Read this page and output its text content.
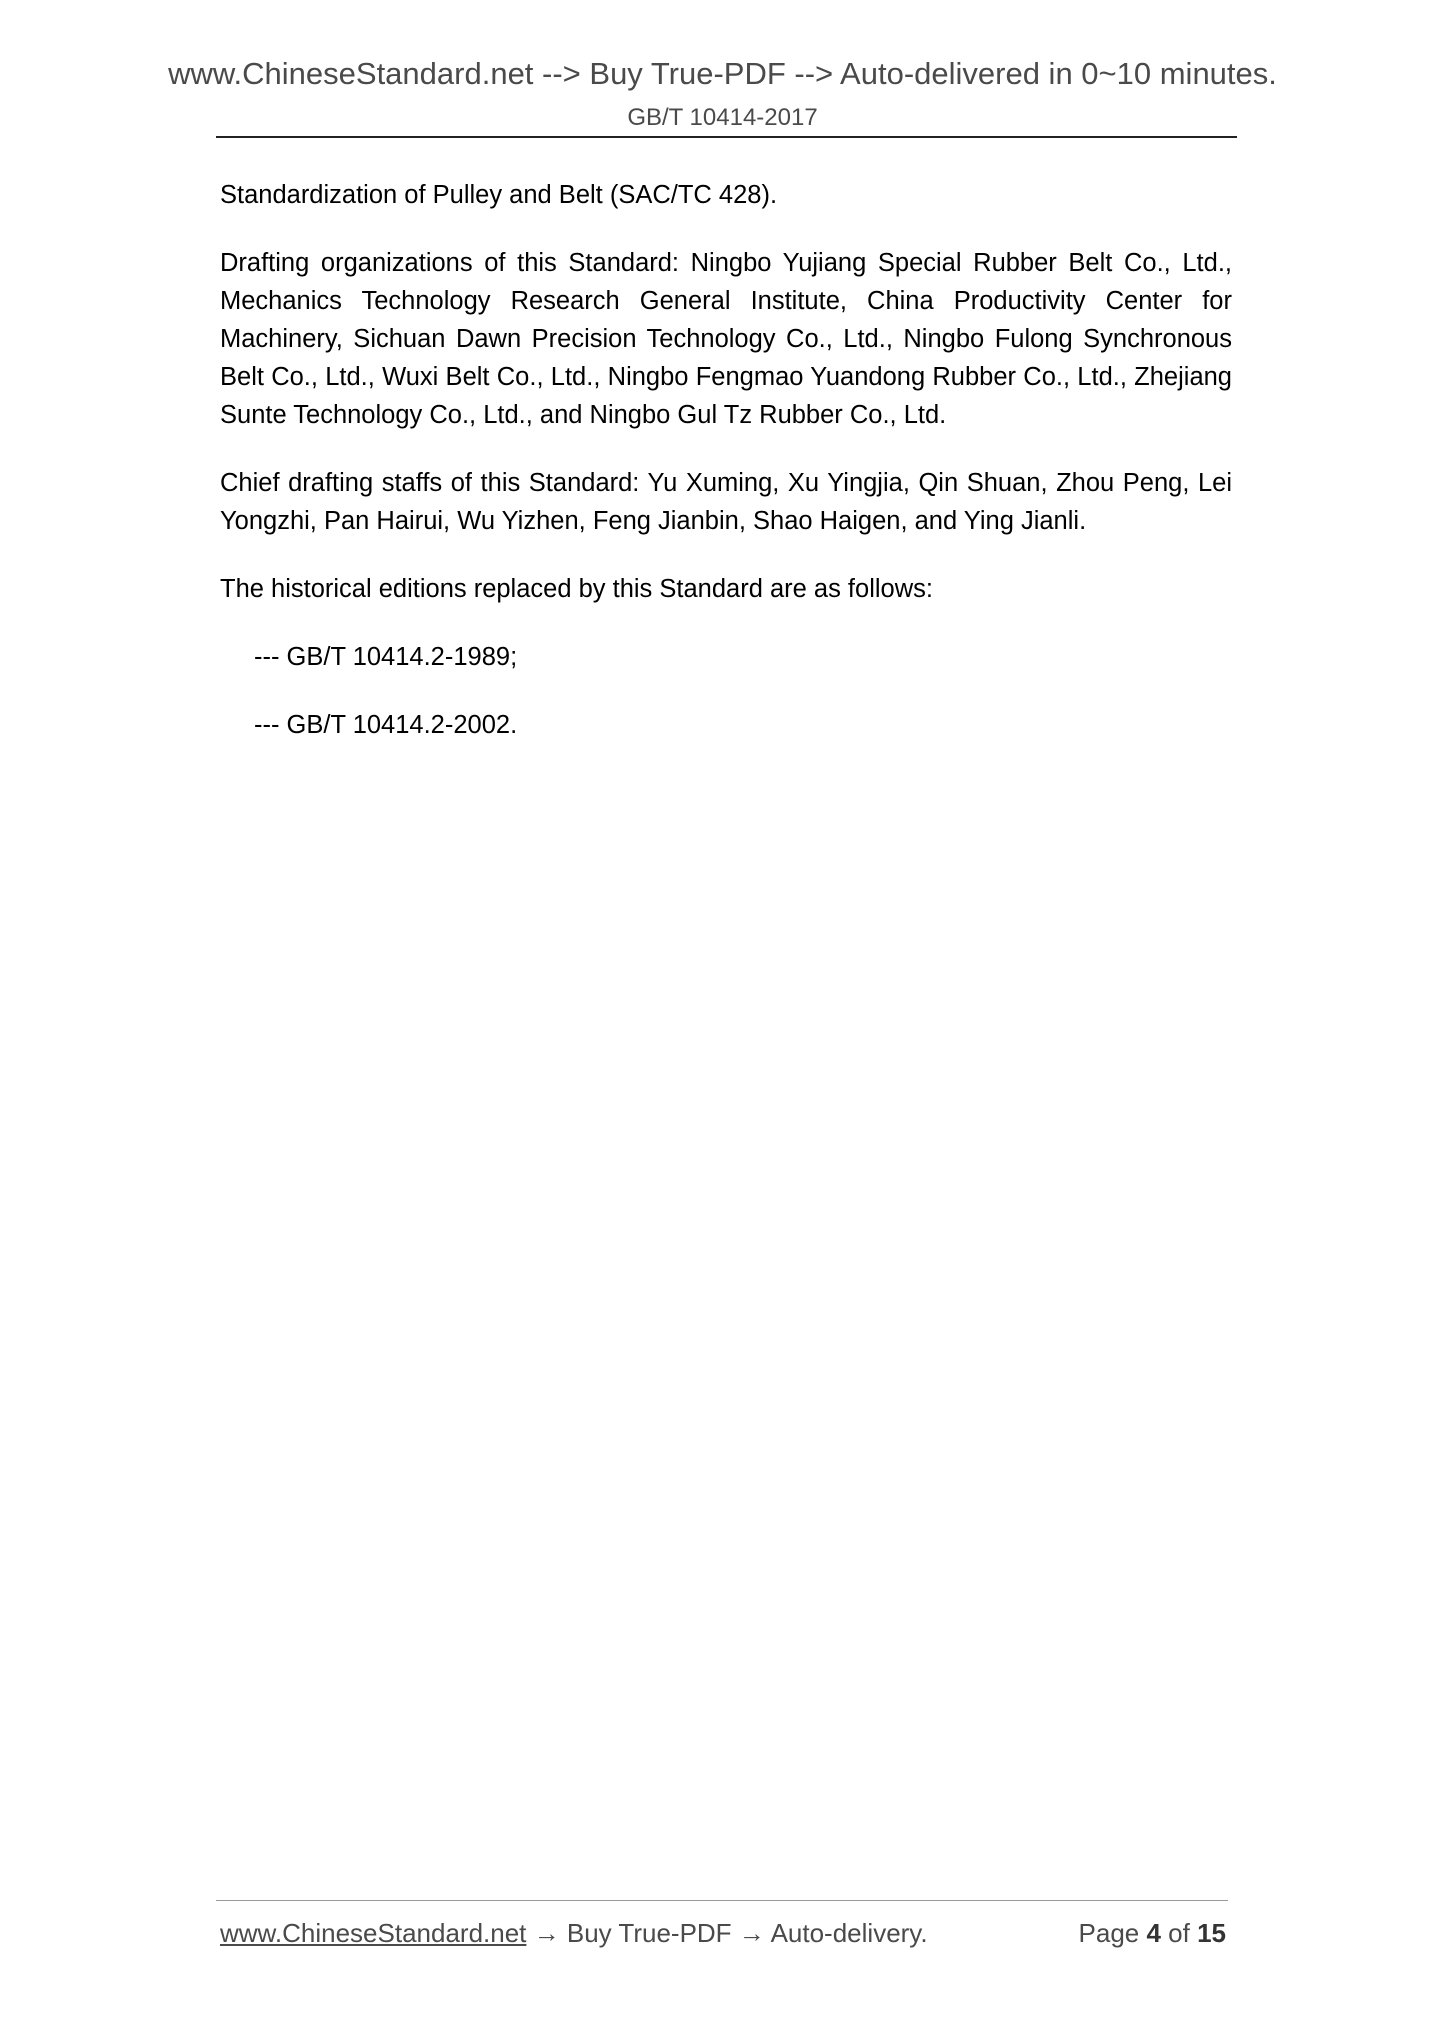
www.ChineseStandard.net --> Buy True-PDF --> Auto-delivered in 0~10 minutes.
GB/T 10414-2017

Standardization of Pulley and Belt (SAC/TC 428).

Drafting organizations of this Standard: Ningbo Yujiang Special Rubber Belt Co., Ltd., Mechanics Technology Research General Institute, China Productivity Center for Machinery, Sichuan Dawn Precision Technology Co., Ltd., Ningbo Fulong Synchronous Belt Co., Ltd., Wuxi Belt Co., Ltd., Ningbo Fengmao Yuandong Rubber Co., Ltd., Zhejiang Sunte Technology Co., Ltd., and Ningbo Gul Tz Rubber Co., Ltd.

Chief drafting staffs of this Standard: Yu Xuming, Xu Yingjia, Qin Shuan, Zhou Peng, Lei Yongzhi, Pan Hairui, Wu Yizhen, Feng Jianbin, Shao Haigen, and Ying Jianli.

The historical editions replaced by this Standard are as follows:

--- GB/T 10414.2-1989;

--- GB/T 10414.2-2002.

www.ChineseStandard.net → Buy True-PDF → Auto-delivery.	Page 4 of 15
